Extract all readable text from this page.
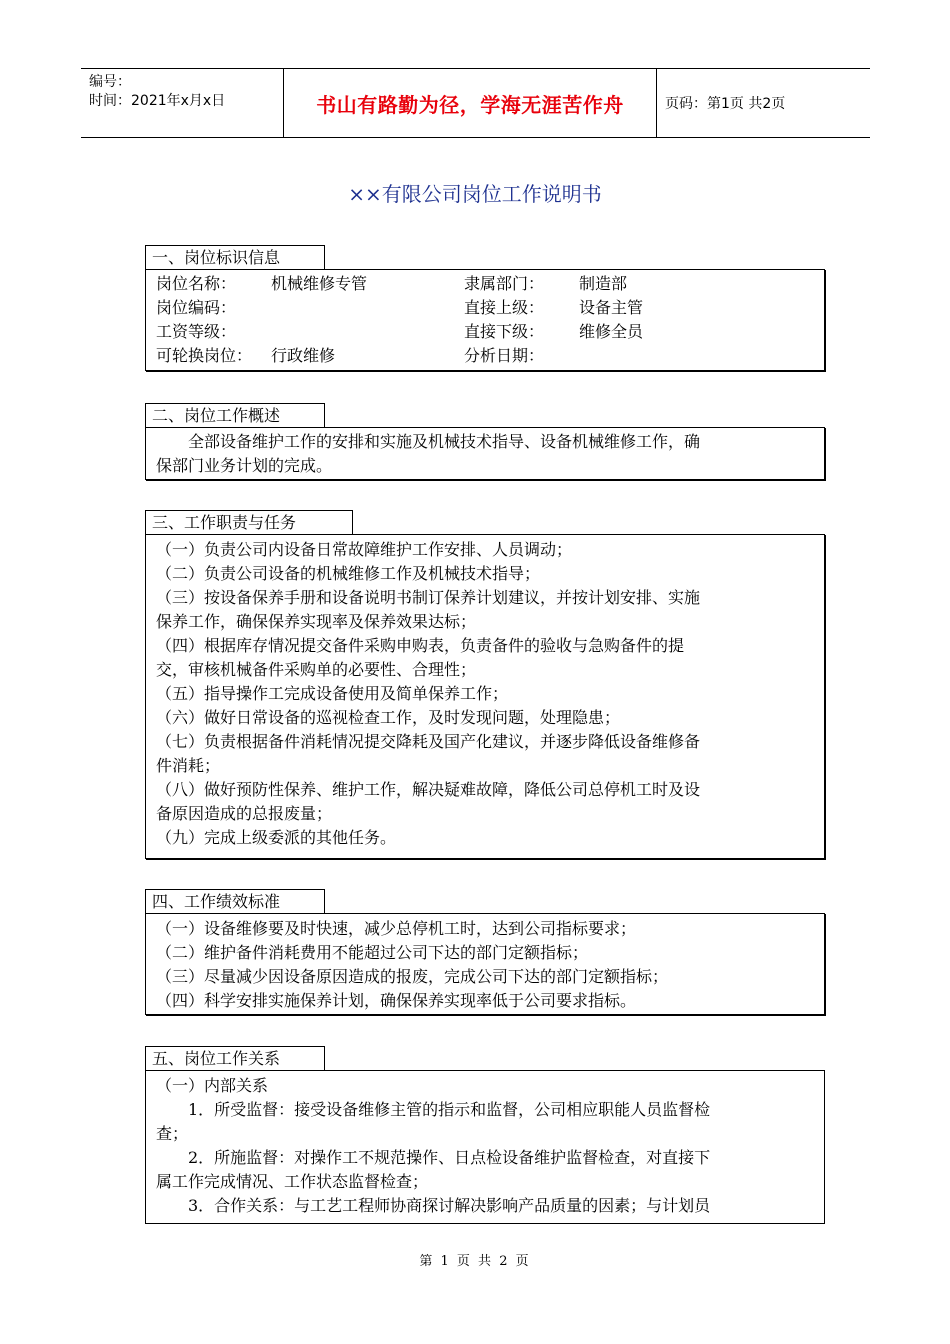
编号：
时间：2021年x月x日	书山有路勤为径，学海无涯苦作舟	页码：第1页 共2页
××有限公司岗位工作说明书
一、岗位标识信息
岗位名称：	机械维修专管	隶属部门：	制造部
岗位编码：	直接上级：	设备主管
工资等级：	直接下级：	维修全员
可轮换岗位：	行政维修	分析日期：
二、岗位工作概述
全部设备维护工作的安排和实施及机械技术指导、设备机械维修工作，确
保部门业务计划的完成。
三、工作职责与任务
（一）负责公司内设备日常故障维护工作安排、人员调动；
（二）负责公司设备的机械维修工作及机械技术指导；
（三）按设备保养手册和设备说明书制订保养计划建议，并按计划安排、实施
保养工作，确保保养实现率及保养效果达标；
（四）根据库存情况提交备件采购申购表，负责备件的验收与急购备件的提
交，审核机械备件采购单的必要性、合理性；
（五）指导操作工完成设备使用及简单保养工作；
（六）做好日常设备的巡视检查工作，及时发现问题，处理隐患；
（七）负责根据备件消耗情况提交降耗及国产化建议，并逐步降低设备维修备
件消耗；
（八）做好预防性保养、维护工作，解决疑难故障，降低公司总停机工时及设
备原因造成的总报废量；
（九）完成上级委派的其他任务。
四、工作绩效标准
（一）设备维修要及时快速，减少总停机工时，达到公司指标要求；
（二）维护备件消耗费用不能超过公司下达的部门定额指标；
（三）尽量减少因设备原因造成的报废，完成公司下达的部门定额指标；
（四）科学安排实施保养计划，确保保养实现率低于公司要求指标。
五、岗位工作关系
（一）内部关系
1．所受监督：接受设备维修主管的指示和监督，公司相应职能人员监督检
查；
2．所施监督：对操作工不规范操作、日点检设备维护监督检查，对直接下
属工作完成情况、工作状态监督检查；
3．合作关系：与工艺工程师协商探讨解决影响产品质量的因素；与计划员
第 1 页 共 2 页
